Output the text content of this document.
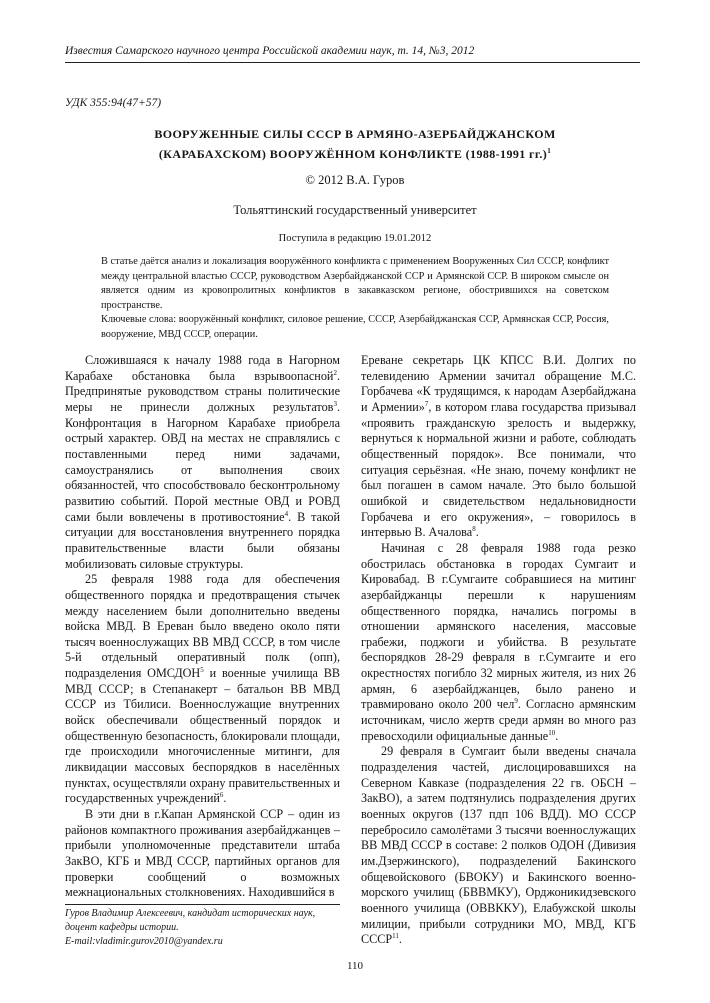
Известия Самарского научного центра Российской академии наук, т. 14, №3, 2012
УДК 355:94(47+57)
ВООРУЖЕННЫЕ СИЛЫ СССР В АРМЯНО-АЗЕРБАЙДЖАНСКОМ
(КАРАБАХСКОМ) ВООРУЖЁННОМ КОНФЛИКТЕ (1988-1991 гг.)$^1$
© 2012 В.А. Гуров
Тольяттинский государственный университет
Поступила в редакцию 19.01.2012

В статье даётся анализ и локализация вооружённого конфликта с применением Вооруженных Сил СССР, конфликт между центральной властью СССР, руководством Азербайджанской ССР и Армянской ССР. В широком смысле он является одним из кровопролитных конфликтов в закавказском регионе, обострившихся на советском пространстве.

Ключевые слова: вооружённый конфликт, силовое решение, СССР, Азербайджанская ССР, Армянская ССР, Россия, вооружение, МВД СССР, операции.

Сложившаяся к началу 1988 года в Нагорном Карабахе обстановка была взрывоопасной$^2$. Предпринятые руководством страны политические меры не принесли должных результатов$^3$. Конфронтация в Нагорном Карабахе приобрела острый характер. ОВД на местах не справлялись с поставленными перед ними задачами, самоустранялись от выполнения своих обязанностей, что способствовало бесконтрольному развитию событий. Порой местные ОВД и РОВД сами были вовлечены в противостояние$^4$. В такой ситуации для восстановления внутреннего порядка правительственные власти были обязаны мобилизовать силовые структуры.

25 февраля 1988 года для обеспечения общественного порядка и предотвращения стычек между населением были дополнительно введены войска МВД. В Ереван было введено около пяти тысяч военнослужащих ВВ МВД СССР, в том числе 5-й отдельный оперативный полк (опп), подразделения ОМСДОН$^5$ и военные училища ВВ МВД СССР; в Степанакерт – батальон ВВ МВД СССР из Тбилиси. Военнослужащие внутренних войск обеспечивали общественный порядок и общественную безопасность, блокировали площади, где происходили многочисленные митинги, для ликвидации массовых беспорядков в населённых пунктах, осуществляли охрану правительственных и государственных учреждений$^6$.

В эти дни в г.Капан Армянской ССР – один из районов компактного проживания азербайджанцев – прибыли уполномоченные представители штаба ЗакВО, КГБ и МВД СССР, партийных органов для проверки сообщений о возможных межнациональных столкновениях. Находившийся в

Ереване секретарь ЦК КПСС В.И. Долгих по телевидению Армении зачитал обращение М.С. Горбачева «К трудящимся, к народам Азербайджана и Армении»$^7$, в котором глава государства призывал «проявить гражданскую зрелость и выдержку, вернуться к нормальной жизни и работе, соблюдать общественный порядок». Все понимали, что ситуация серьёзная. «Не знаю, почему конфликт не был погашен в самом начале. Это было большой ошибкой и свидетельством недальновидности Горбачева и его окружения», – говорилось в интервью В. Ачалова$^8$.

Начиная с 28 февраля 1988 года резко обострилась обстановка в городах Сумгаит и Кировабад. В г.Сумгаите собравшиеся на митинг азербайджанцы перешли к нарушениям общественного порядка, начались погромы в отношении армянского населения, массовые грабежи, поджоги и убийства. В результате беспорядков 28-29 февраля в г.Сумгаите и его окрестностях погибло 32 мирных жителя, из них 26 армян, 6 азербайджанцев, было ранено и травмировано около 200 чел$^9$. Согласно армянским источникам, число жертв среди армян во много раз превосходили официальные данные$^{10}$.

29 февраля в Сумгаит были введены сначала подразделения частей, дислоцировавшихся на Северном Кавказе (подразделения 22 гв. ОБСН – ЗакВО), а затем подтянулись подразделения других военных округов (137 пдп 106 ВДД). МО СССР перебросило самолётами 3 тысячи военнослужащих ВВ МВД СССР в составе: 2 полков ОДОН (Дивизия им.Дзержинского), подразделений Бакинского общевойскового (БВОКУ) и Бакинского военно-морского училищ (БВВМКУ), Орджоникидзевского военного училища (ОВВККУ), Елабужской школы милиции, прибыли сотрудники МО, МВД, КГБ СССР$^{11}$.

Гуров Владимир Алексеевич, кандидат исторических наук, доцент кафедры истории.
E-mail:vladimir.gurov2010@yandex.ru
110
